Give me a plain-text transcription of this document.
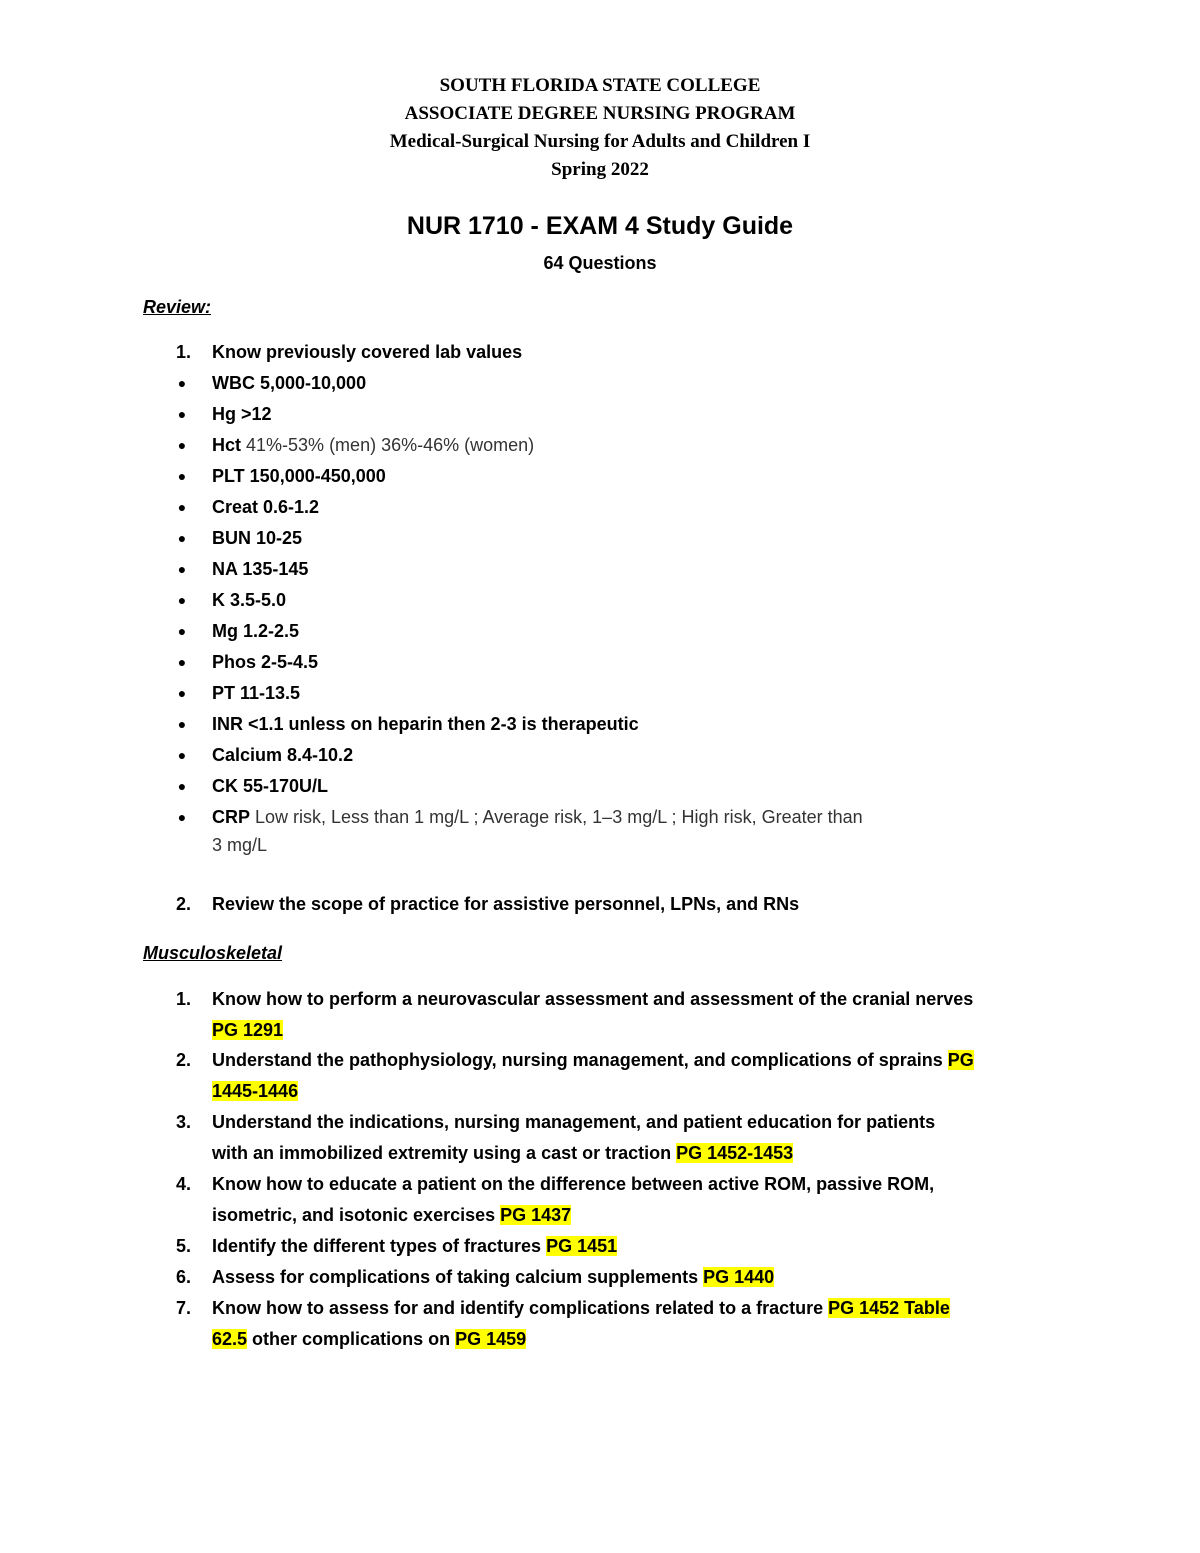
SOUTH FLORIDA STATE COLLEGE
ASSOCIATE DEGREE NURSING PROGRAM
Medical-Surgical Nursing for Adults and Children I
Spring 2022
NUR 1710 - EXAM 4 Study Guide
64 Questions
Review:
1.	Know previously covered lab values
●	WBC 5,000-10,000
●	Hg >12
●	Hct 41%-53% (men) 36%-46% (women)
●	PLT 150,000-450,000
●	Creat 0.6-1.2
●	BUN 10-25
●	NA 135-145
●	K 3.5-5.0
●	Mg 1.2-2.5
●	Phos 2-5-4.5
●	PT 11-13.5
●	INR <1.1 unless on heparin then 2-3 is therapeutic
●	Calcium 8.4-10.2
●	CK 55-170U/L
●	CRP Low risk, Less than 1 mg/L ; Average risk, 1–3 mg/L ; High risk, Greater than
3 mg/L
2.	Review the scope of practice for assistive personnel, LPNs, and RNs
Musculoskeletal
1.	Know how to perform a neurovascular assessment and assessment of the cranial nerves
PG 1291
2.	Understand the pathophysiology, nursing management, and complications of sprains PG
1445-1446
3.	Understand the indications, nursing management, and patient education for patients
with an immobilized extremity using a cast or traction PG 1452-1453
4.	Know how to educate a patient on the difference between active ROM, passive ROM,
isometric, and isotonic exercises PG 1437
5.	Identify the different types of fractures PG 1451
6.	Assess for complications of taking calcium supplements PG 1440
7.	Know how to assess for and identify complications related to a fracture PG 1452 Table
62.5 other complications on PG 1459
